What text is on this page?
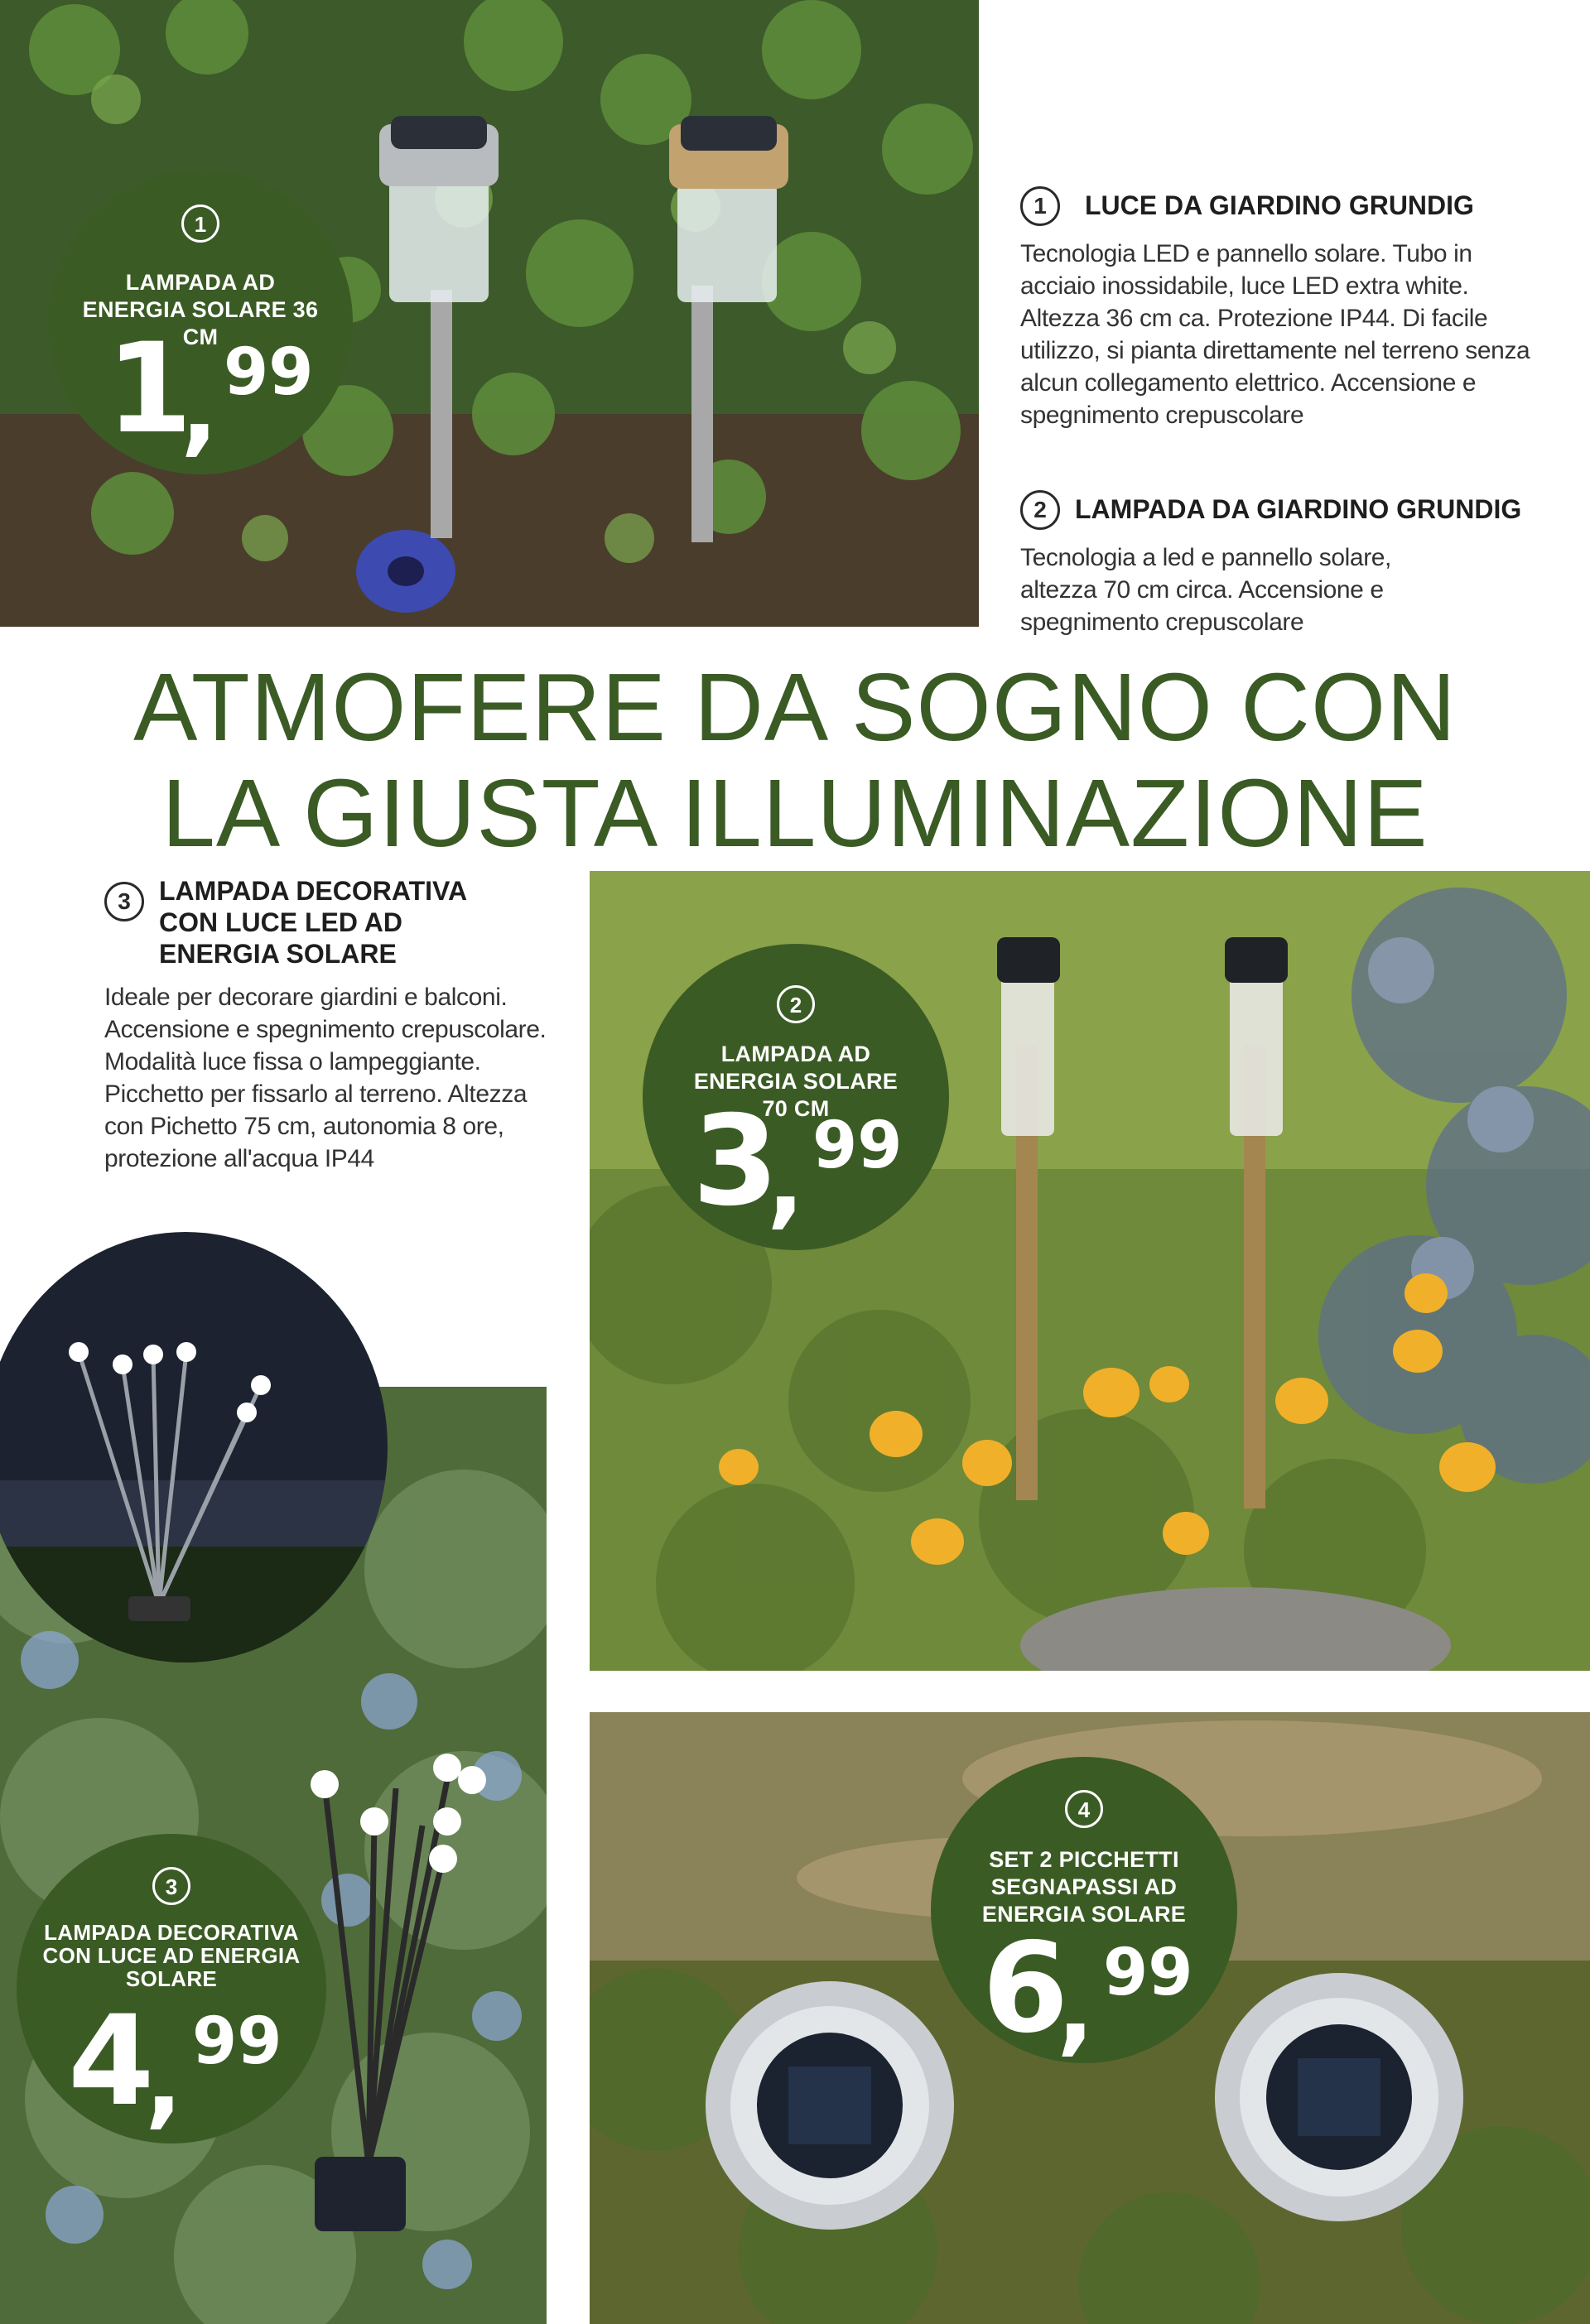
1	LUCE DA GIARDINO GRUNDIG
Tecnologia LED e pannello solare. Tubo in acciaio inossidabile, luce LED extra white. Altezza 36 cm ca. Protezione IP44. Di facile utilizzo, si pianta direttamente nel terreno senza alcun collegamento elettrico. Accensione e spegnimento crepuscolare
2	LAMPADA DA GIARDINO GRUNDIG
Tecnologia a led e pannello solare, altezza 70 cm circa. Accensione e spegnimento crepuscolare
ATMOFERE DA SOGNO CON
LA GIUSTA ILLUMINAZIONE
3	LAMPADA DECORATIVA CON LUCE LED AD ENERGIA SOLARE
Ideale per decorare giardini e balconi. Accensione e spegnimento crepuscolare. Modalità luce fissa o lampeggiante. Picchetto per fissarlo al terreno. Altezza con Pichetto 75 cm, autonomia 8 ore, protezione all'acqua IP44
1
LAMPADA AD ENERGIA SOLARE 36 CM
1
, 99
2
LAMPADA AD ENERGIA SOLARE 70 CM
3
, 99
3
LAMPADA DECORATIVA CON LUCE AD ENERGIA SOLARE
4
, 99
4
SET 2 PICCHETTI SEGNAPASSI AD ENERGIA SOLARE
6
, 99
